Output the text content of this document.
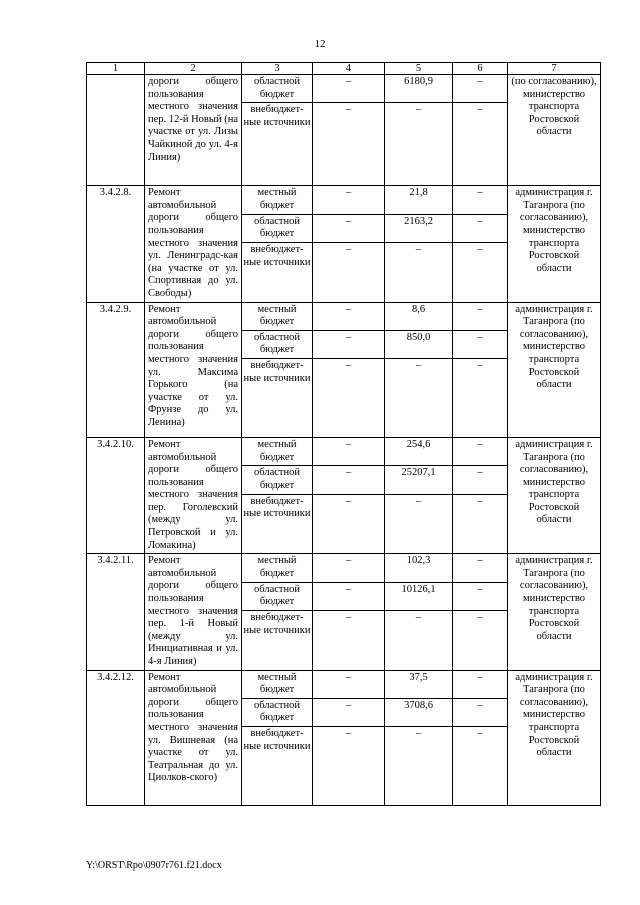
12
1	2	3	4	5	6	7
	дороги общего пользования местного значения пер. 12-й Новый (на участке от ул. Лизы Чайкиной до ул. 4-я Линия)	областной бюджет	–	6180,9	–	(по согласованию), министерство транспорта Ростовской области
		внебюджет-ные источники	–	–	–	
3.4.2.8.	Ремонт автомобильной дороги общего пользования местного значения ул. Ленинградс-кая (на участке от ул. Спортивная до ул. Свободы)	местный бюджет	–	21,8	–	администрация г. Таганрога (по согласованию), министерство транспорта Ростовской области
		областной бюджет	–	2163,2	–	
		внебюджет-ные источники	–	–	–	
3.4.2.9.	Ремонт автомобильной дороги общего пользования местного значения ул. Максима Горького (на участке от ул. Фрунзе до ул. Ленина)	местный бюджет	–	8,6	–	администрация г. Таганрога (по согласованию), министерство транспорта Ростовской области
		областной бюджет	–	850,0	–	
		внебюджет-ные источники	–	–	–	
3.4.2.10.	Ремонт автомобильной дороги общего пользования местного значения пер. Гоголевский (между ул. Петровской и ул. Ломакина)	местный бюджет	–	254,6	–	администрация г. Таганрога (по согласованию), министерство транспорта Ростовской области
		областной бюджет	–	25207,1	–	
		внебюджет-ные источники	–	–	–	
3.4.2.11.	Ремонт автомобильной дороги общего пользования местного значения пер. 1-й Новый (между ул. Инициативная и ул. 4-я Линия)	местный бюджет	–	102,3	–	администрация г. Таганрога (по согласованию), министерство транспорта Ростовской области
		областной бюджет	–	10126,1	–	
		внебюджет-ные источники	–	–	–	
3.4.2.12.	Ремонт автомобильной дороги общего пользования местного значения ул. Вишневая (на участке от ул. Театральная до ул. Циолков-ского)	местный бюджет	–	37,5	–	администрация г. Таганрога (по согласованию), министерство транспорта Ростовской области
		областной бюджет	–	3708,6	–	
		внебюджет-ные источники	–	–	–	
Y:\ORST\Rpo\0907r761.f21.docx
